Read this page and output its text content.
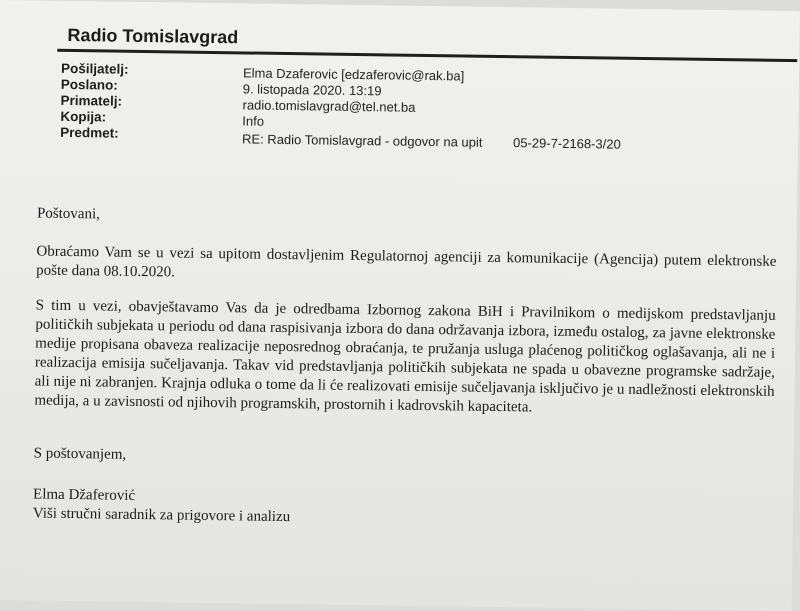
Radio Tomislavgrad
Pošiljatelj:	Elma Dzaferovic [edzaferovic@rak.ba]
Poslano:	9. listopada 2020. 13:19
Primatelj:	radio.tomislavgrad@tel.net.ba
Kopija:	Info
Predmet:	RE: Radio Tomislavgrad - odgovor na upit 05-29-7-2168-3/20
Poštovani,
Obraćamo Vam se u vezi sa upitom dostavljenim Regulatornoj agenciji za komunikacije (Agencija) putem elektronske pošte dana 08.10.2020.
S tim u vezi, obavještavamo Vas da je odredbama Izbornog zakona BiH i Pravilnikom o medijskom predstavljanju političkih subjekata u periodu od dana raspisivanja izbora do dana održavanja izbora, između ostalog, za javne elektronske medije propisana obaveza realizacije neposrednog obraćanja, te pružanja usluga plaćenog političkog oglašavanja, ali ne i realizacija emisija sučeljavanja. Takav vid predstavljanja političkih subjekata ne spada u obavezne programske sadržaje, ali nije ni zabranjen. Krajnja odluka o tome da li će realizovati emisije sučeljavanja isključivo je u nadležnosti elektronskih medija, a u zavisnosti od njihovih programskih, prostornih i kadrovskih kapaciteta.
S poštovanjem,
Elma Džaferović
Viši stručni saradnik za prigovore i analizu
